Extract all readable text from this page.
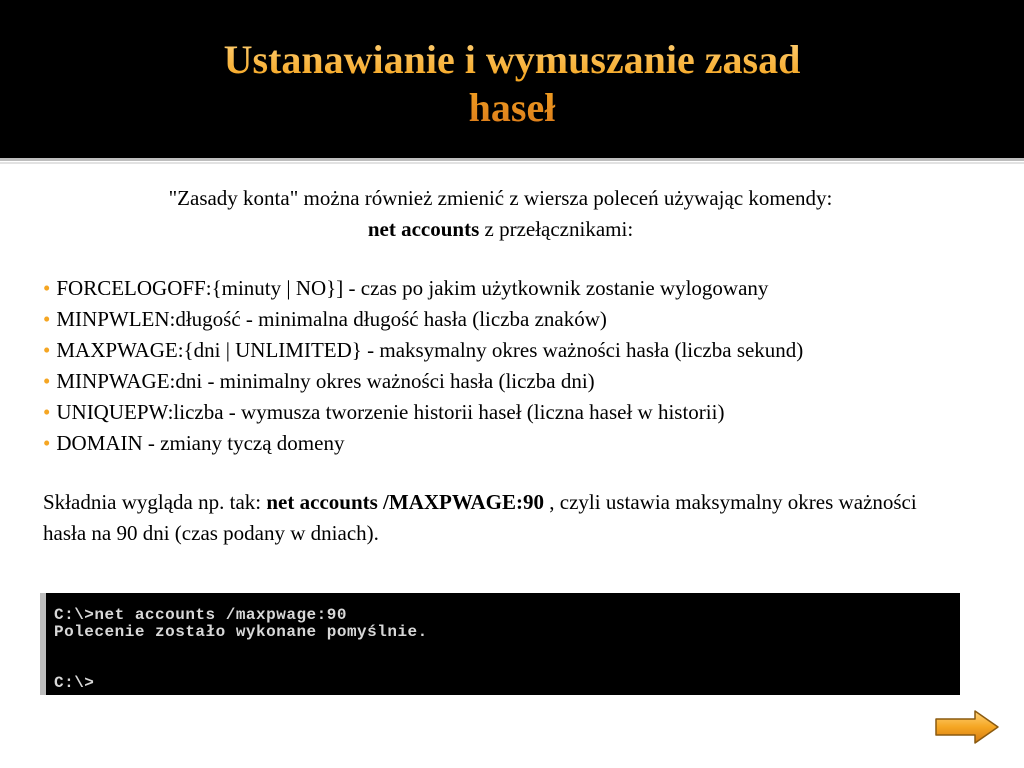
Ustanawianie i wymuszanie zasad
haseł
"Zasady konta" można również zmienić z wiersza poleceń używając komendy:
net accounts z przełącznikami:
• FORCELOGOFF:{minuty | NO}] - czas po jakim użytkownik zostanie wylogowany
• MINPWLEN:długość - minimalna długość hasła (liczba znaków)
• MAXPWAGE:{dni | UNLIMITED} - maksymalny okres ważności hasła (liczba sekund)
• MINPWAGE:dni - minimalny okres ważności hasła (liczba dni)
• UNIQUEPW:liczba - wymusza tworzenie historii haseł (liczna haseł w historii)
• DOMAIN - zmiany tyczą domeny
Składnia wygląda np. tak: net accounts /MAXPWAGE:90 , czyli ustawia maksymalny okres ważności hasła na 90 dni (czas podany w dniach).
C:\>net accounts /maxpwage:90
Polecenie zostało wykonane pomyślnie.
C:\>
